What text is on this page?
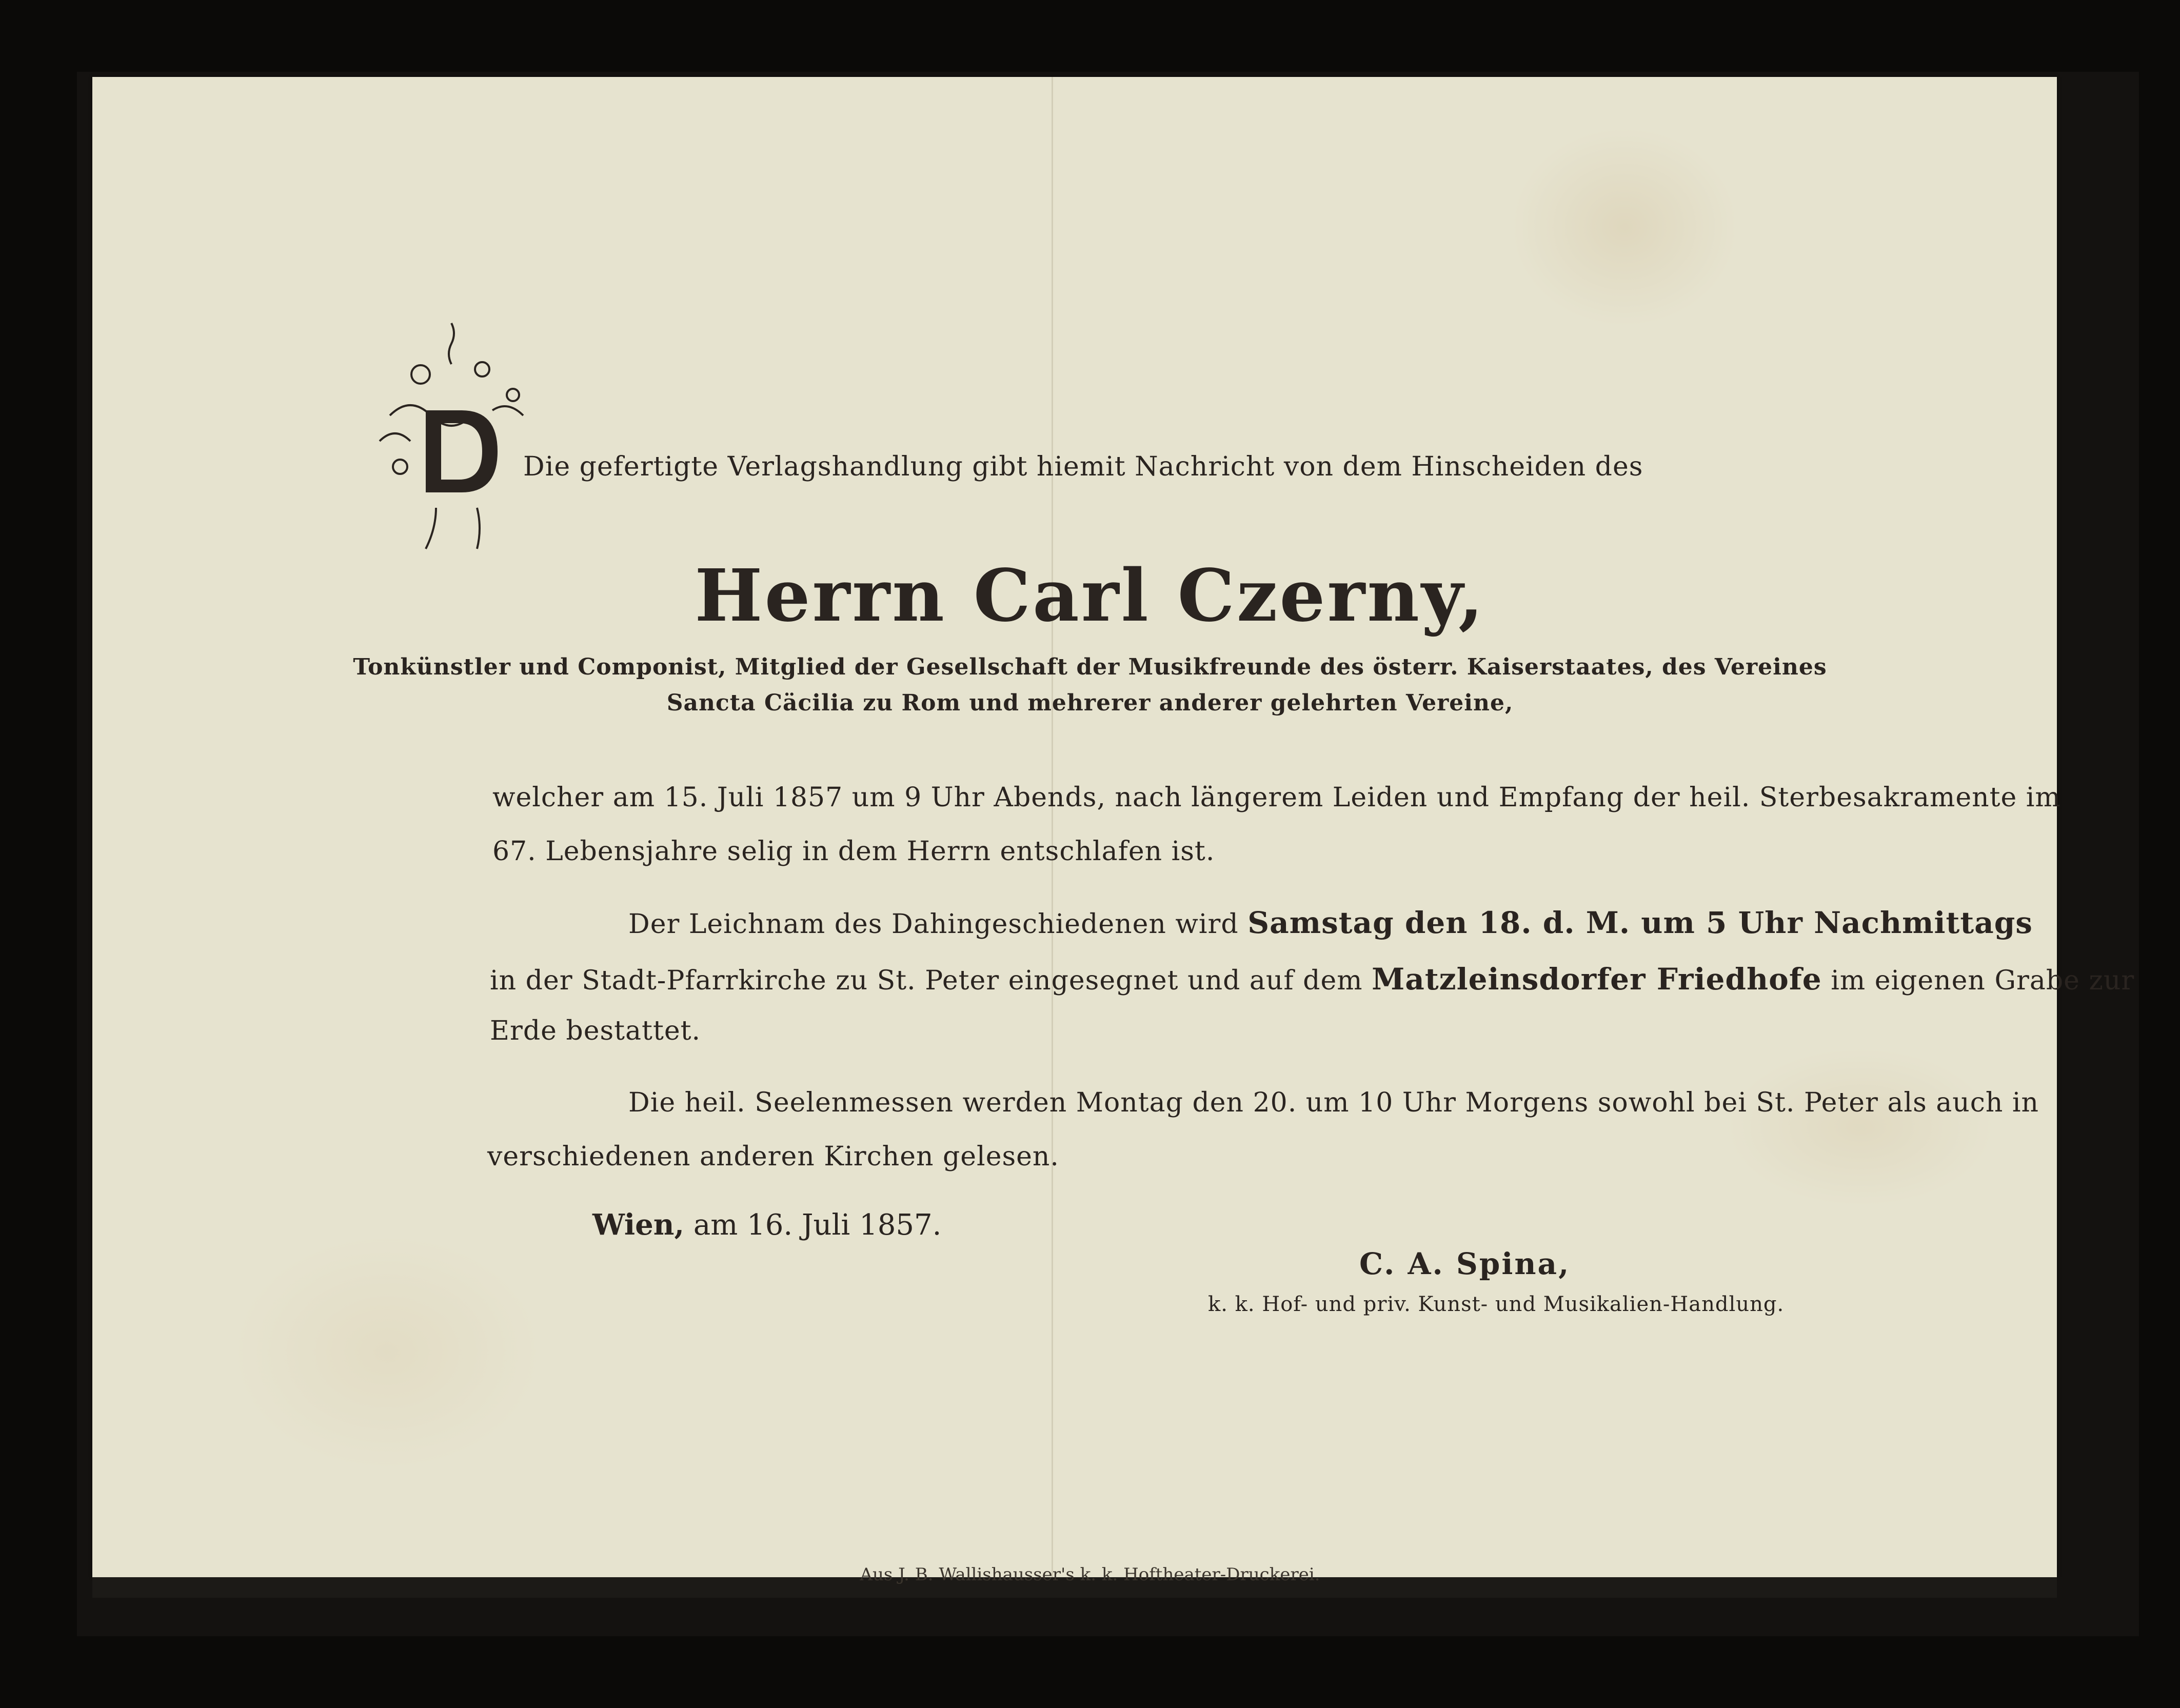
Die gefertigte Verlagshandlung gibt hiemit Nachricht von dem Hinscheiden des
Herrn Carl Czerny,
Tonkünstler und Componist, Mitglied der Gesellschaft der Musikfreunde des österr. Kaiserstaates, des Vereines
Sancta Cäcilia zu Rom und mehrerer anderer gelehrten Vereine,
welcher am 15. Juli 1857 um 9 Uhr Abends, nach längerem Leiden und Empfang der heil. Sterbesakramente im
67. Lebensjahre selig in dem Herrn entschlafen ist.
Der Leichnam des Dahingeschiedenen wird Samstag den 18. d. M. um 5 Uhr Nachmittags
in der Stadt-Pfarrkirche zu St. Peter eingesegnet und auf dem Matzleinsdorfer Friedhofe im eigenen Grabe zur
Erde bestattet.
Die heil. Seelenmessen werden Montag den 20. um 10 Uhr Morgens sowohl bei St. Peter als auch in
verschiedenen anderen Kirchen gelesen.
Wien, am 16. Juli 1857.
C. A. Spina,
k. k. Hof- und priv. Kunst- und Musikalien-Handlung.
Aus J. B. Wallishausser's k. k. Hoftheater-Druckerei.
